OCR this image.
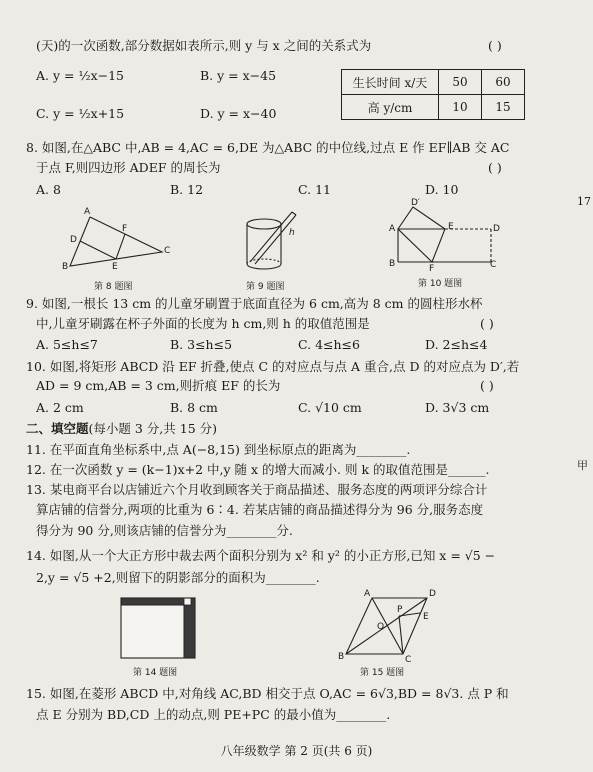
(天)的一次函数,部分数据如表所示,则 y 与 x 之间的关系式为	( )
A. y = ½x−15	B. y = x−45
C. y = ½x+15	D. y = x−40
生长时间 x/天	50	60
高 y/cm	10	15
8. 如图,在△ABC 中,AB = 4,AC = 6,DE 为△ABC 的中位线,过点 E 作 EF∥AB 交 AC
于点 F,则四边形 ADEF 的周长为	( )
A. 8	B. 12	C. 11	D. 10
17
A
D
B	E
F
C
第 8 题图
h
第 9 题图
D′
A	E	D
B	F	C
第 10 题图
9. 如图,一根长 13 cm 的儿童牙刷置于底面直径为 6 cm,高为 8 cm 的圆柱形水杯
中,儿童牙刷露在杯子外面的长度为 h cm,则 h 的取值范围是	( )
A. 5≤h≤7	B. 3≤h≤5	C. 4≤h≤6	D. 2≤h≤4
10. 如图,将矩形 ABCD 沿 EF 折叠,使点 C 的对应点与点 A 重合,点 D 的对应点为 D′,若
AD = 9 cm,AB = 3 cm,则折痕 EF 的长为	( )
A. 2 cm	B. 8 cm	C. √10 cm	D. 3√3 cm
二、填空题(每小题 3 分,共 15 分)
11. 在平面直角坐标系中,点 A(−8,15) 到坐标原点的距离为________.
12. 在一次函数 y = (k−1)x+2 中,y 随 x 的增大而减小. 则 k 的取值范围是______.	甲
13. 某电商平台以店铺近六个月收到顾客关于商品描述、服务态度的两项评分综合计
算店铺的信誉分,两项的比重为 6∶4. 若某店铺的商品描述得分为 96 分,服务态度
得分为 90 分,则该店铺的信誉分为________分.
14. 如图,从一个大正方形中裁去两个面积分别为 x² 和 y² 的小正方形,已知 x = √5 −
2,y = √5 +2,则留下的阴影部分的面积为________.
第 14 题图
A	D
O
P
E
B	C
第 15 题图
15. 如图,在菱形 ABCD 中,对角线 AC,BD 相交于点 O,AC = 6√3,BD = 8√3. 点 P 和
点 E 分别为 BD,CD 上的动点,则 PE+PC 的最小值为________.
八年级数学 第 2 页(共 6 页)
